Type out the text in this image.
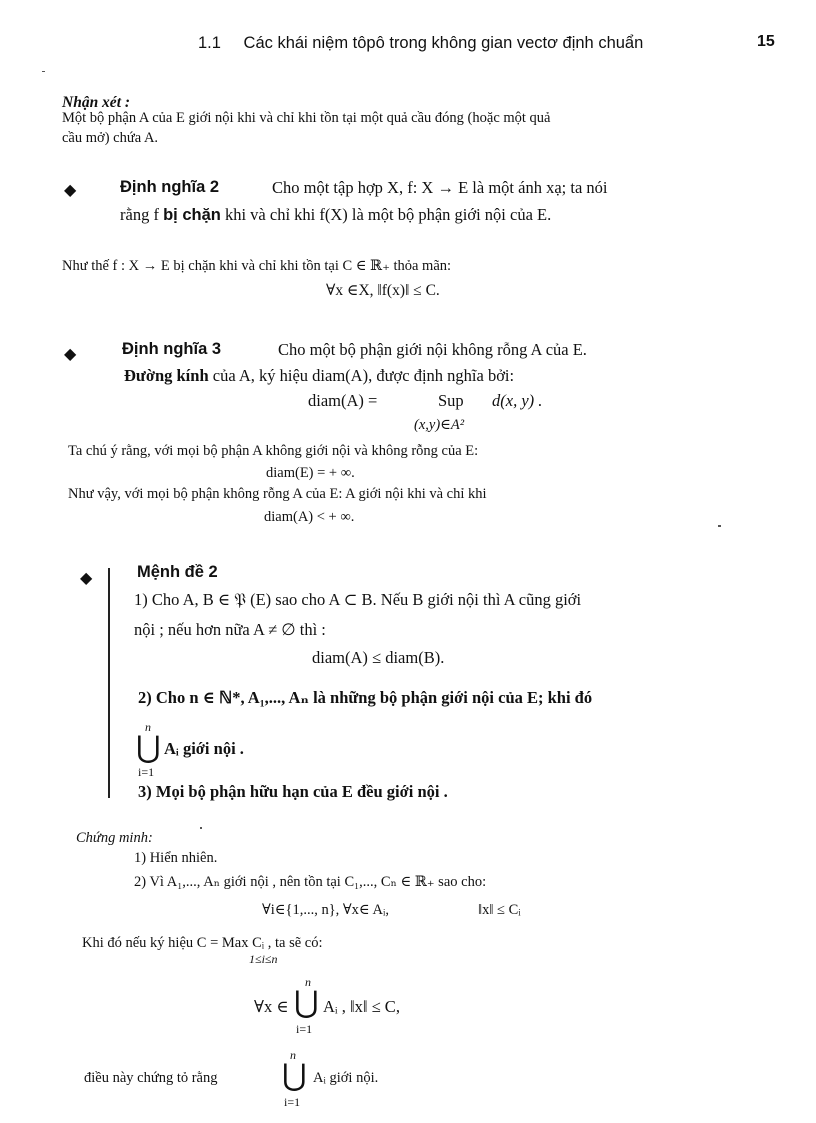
1.1 Các khái niệm tôpô trong không gian vectơ định chuẩn	15
Nhận xét :
Một bộ phận A của E giới nội khi và chỉ khi tồn tại một quả cầu đóng (hoặc một quả
cầu mở) chứa A.
◆	Định nghĩa 2	Cho một tập hợp X, f: X → E là một ánh xạ; ta nói
rằng f bị chặn khi và chỉ khi f(X) là một bộ phận giới nội của E.
Như thế f : X → E bị chặn khi và chỉ khi tồn tại C ∈ ℝ₊ thỏa mãn:
∀x ∈X, ‖f(x)‖ ≤ C.
◆	Định nghĩa 3	Cho một bộ phận giới nội không rỗng A của E.
Đường kính của A, ký hiệu diam(A), được định nghĩa bởi:
diam(A) =	Sup d(x, y) .
(x,y)∈A²
Ta chú ý rằng, với mọi bộ phận A không giới nội và không rỗng của E:
diam(E) = + ∞.
Như vậy, với mọi bộ phận không rỗng A của E: A giới nội khi và chỉ khi
diam(A) < + ∞.
◆	Mệnh đề 2
1) Cho A, B ∈ 𝔓 (E) sao cho A ⊂ B. Nếu B giới nội thì A cũng giới
nội ; nếu hơn nữa A ≠ ∅ thì :
diam(A) ≤ diam(B).
2) Cho n ∈ ℕ*, A₁,..., Aₙ là những bộ phận giới nội của E; khi đó
n
⋃ Aᵢ giới nội .
i=1
3) Mọi bộ phận hữu hạn của E đều giới nội .
Chứng minh:
1) Hiển nhiên.
2) Vì A₁,..., Aₙ giới nội , nên tồn tại C₁,..., Cₙ ∈ ℝ₊ sao cho:
∀i∈{1,..., n}, ∀x∈ Aᵢ,	‖x‖ ≤ Cᵢ
Khi đó nếu ký hiệu C = Max Cᵢ , ta sẽ có:
1≤i≤n
n
∀x ∈ ⋃ Aᵢ , ‖x‖ ≤ C,
i=1
n
điều này chứng tỏ rằng ⋃ Aᵢ giới nội.
i=1
